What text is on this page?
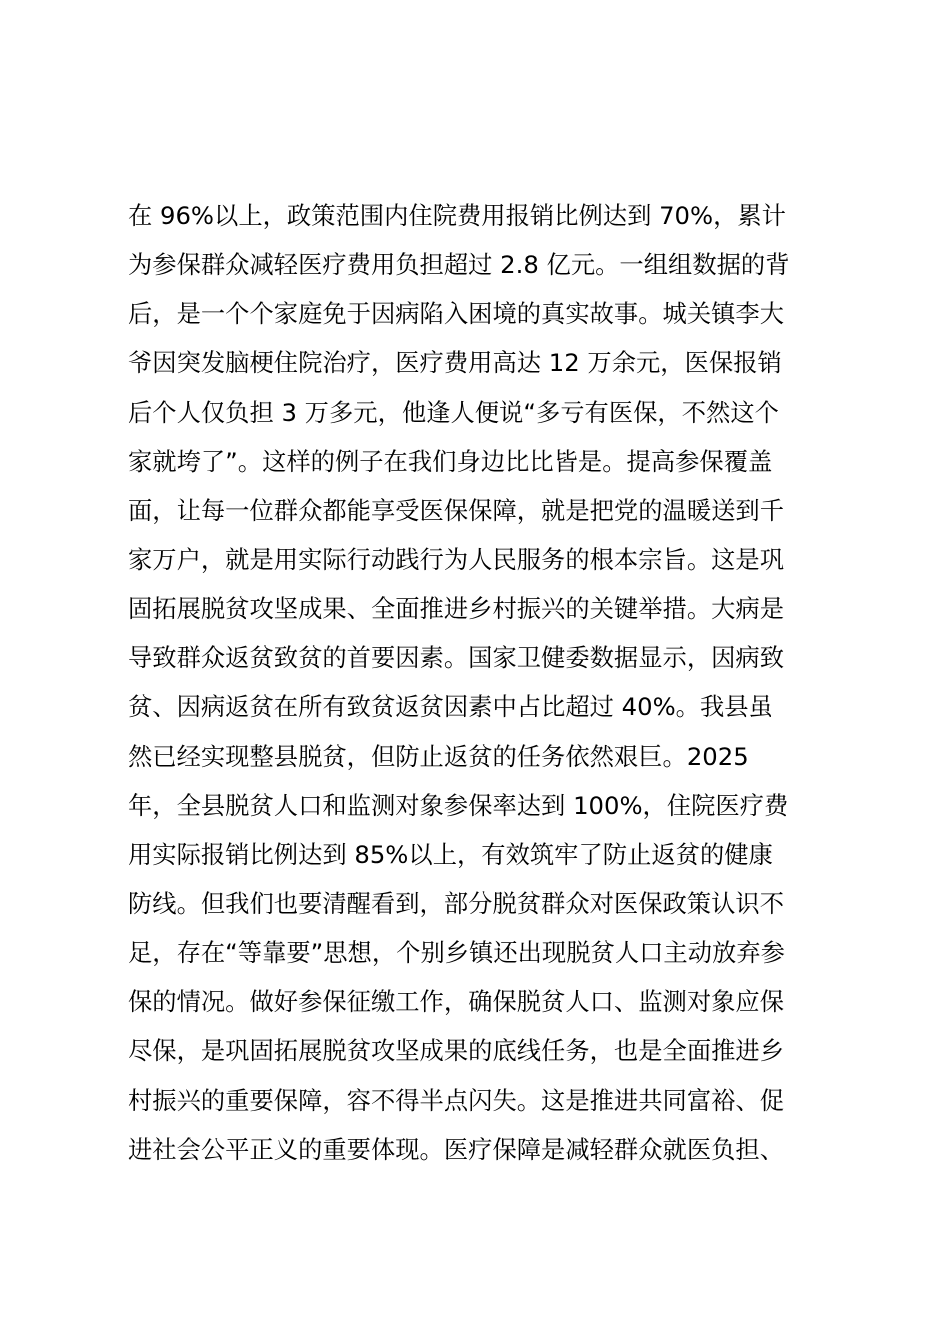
在 96%以上，政策范围内住院费用报销比例达到 70%，累计
为参保群众减轻医疗费用负担超过 2.8 亿元。一组组数据的背
后，是一个个家庭免于因病陷入困境的真实故事。城关镇李大
爷因突发脑梗住院治疗，医疗费用高达 12 万余元，医保报销
后个人仅负担 3 万多元，他逢人便说“多亏有医保，不然这个
家就垮了”。这样的例子在我们身边比比皆是。提高参保覆盖
面，让每一位群众都能享受医保保障，就是把党的温暖送到千
家万户，就是用实际行动践行为人民服务的根本宗旨。这是巩
固拓展脱贫攻坚成果、全面推进乡村振兴的关键举措。大病是
导致群众返贫致贫的首要因素。国家卫健委数据显示，因病致
贫、因病返贫在所有致贫返贫因素中占比超过 40%。我县虽
然已经实现整县脱贫，但防止返贫的任务依然艰巨。2025
年，全县脱贫人口和监测对象参保率达到 100%，住院医疗费
用实际报销比例达到 85%以上，有效筑牢了防止返贫的健康
防线。但我们也要清醒看到，部分脱贫群众对医保政策认识不
足，存在“等靠要”思想，个别乡镇还出现脱贫人口主动放弃参
保的情况。做好参保征缴工作，确保脱贫人口、监测对象应保
尽保，是巩固拓展脱贫攻坚成果的底线任务，也是全面推进乡
村振兴的重要保障，容不得半点闪失。这是推进共同富裕、促
进社会公平正义的重要体现。医疗保障是减轻群众就医负担、
